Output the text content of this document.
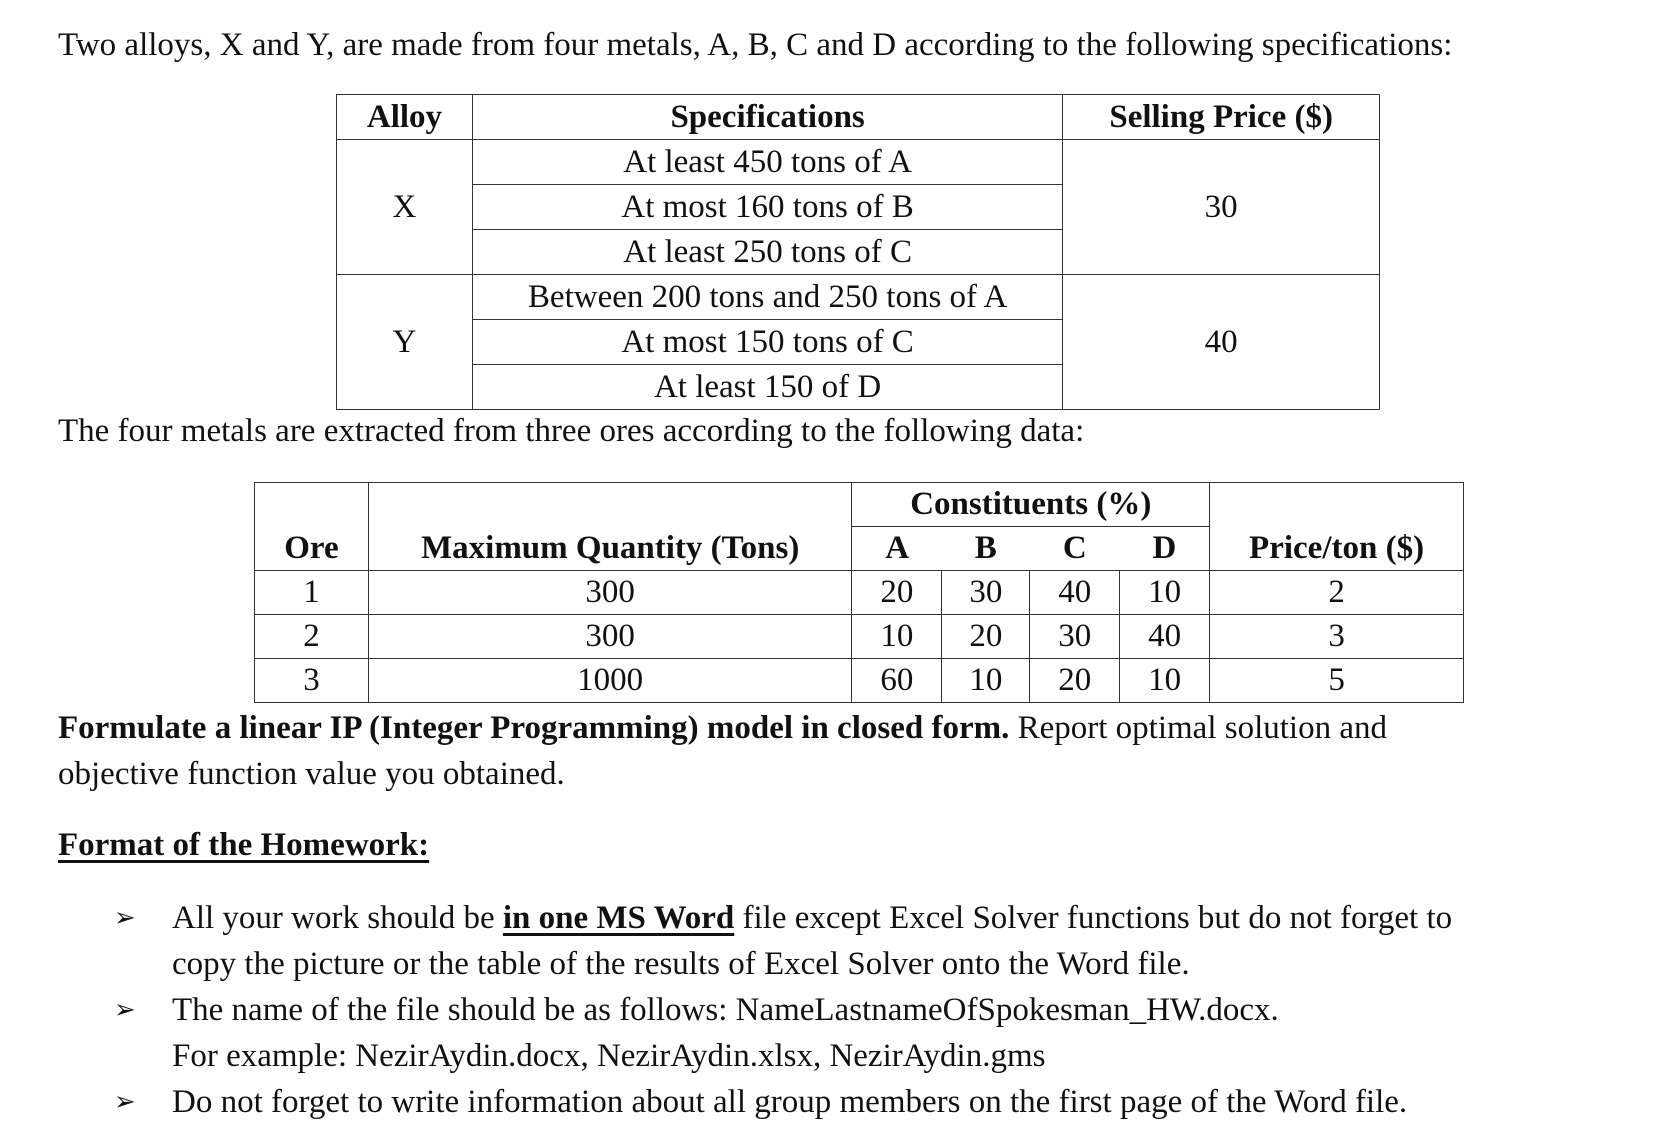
Two alloys, X and Y, are made from four metals, A, B, C and D according to the following specifications:
Alloy	Specifications	Selling Price ($)
X	At least 450 tons of A	30
	At most 160 tons of B	
	At least 250 tons of C	
Y	Between 200 tons and 250 tons of A	40
	At most 150 tons of C	
	At least 150 of D	
The four metals are extracted from three ores according to the following data:
		Constituents (%)				
Ore	Maximum Quantity (Tons)	A	B	C	D	Price/ton ($)
1	300	20	30	40	10	2
2	300	10	20	30	40	3
3	1000	60	10	20	10	5
Formulate a linear IP (Integer Programming) model in closed form. Report optimal solution and
objective function value you obtained.
Format of the Homework:
➢ All your work should be in one MS Word file except Excel Solver functions but do not forget to
copy the picture or the table of the results of Excel Solver onto the Word file.
➢ The name of the file should be as follows: NameLastnameOfSpokesman_HW.docx.
For example: NezirAydin.docx, NezirAydin.xlsx, NezirAydin.gms
➢ Do not forget to write information about all group members on the first page of the Word file.
